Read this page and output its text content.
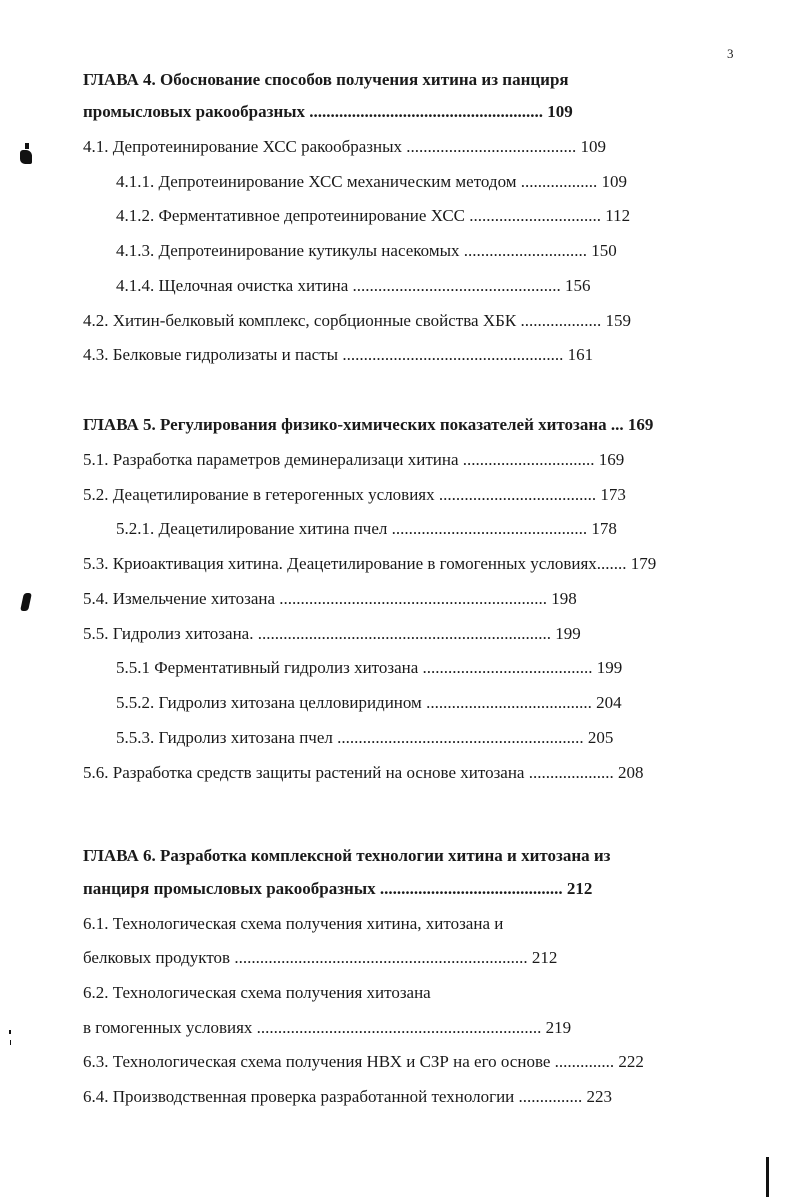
3
ГЛАВА 4. Обоснование способов получения хитина из панциря
промысловых ракообразных ....................................................... 109
4.1. Депротеинирование ХСС ракообразных ........................................ 109
4.1.1. Депротеинирование ХСС механическим методом .................. 109
4.1.2. Ферментативное депротеинирование ХСС ............................... 112
4.1.3. Депротеинирование кутикулы насекомых ............................. 150
4.1.4. Щелочная очистка хитина ................................................. 156
4.2. Хитин-белковый комплекс, сорбционные свойства ХБК ................... 159
4.3. Белковые гидролизаты и пасты .................................................... 161
ГЛАВА 5. Регулирования физико-химических показателей хитозана ... 169
5.1. Разработка параметров деминерализаци хитина ............................... 169
5.2. Деацетилирование в гетерогенных условиях ..................................... 173
5.2.1. Деацетилирование хитина пчел .............................................. 178
5.3. Криоактивация хитина. Деацетилирование в гомогенных условиях....... 179
5.4. Измельчение хитозана ............................................................... 198
5.5. Гидролиз хитозана. ..................................................................... 199
5.5.1 Ферментативный гидролиз хитозана ........................................ 199
5.5.2. Гидролиз хитозана целловиридином ....................................... 204
5.5.3. Гидролиз хитозана пчел .......................................................... 205
5.6. Разработка средств защиты растений на основе хитозана .................... 208
ГЛАВА 6. Разработка комплексной технологии хитина и хитозана из
панциря промысловых ракообразных ........................................... 212
6.1. Технологическая схема получения хитина, хитозана и
белковых продуктов ..................................................................... 212
6.2. Технологическая схема получения хитозана
в гомогенных условиях ................................................................... 219
6.3. Технологическая схема получения НВХ и СЗР на его основе .............. 222
6.4. Производственная проверка разработанной технологии ............... 223
